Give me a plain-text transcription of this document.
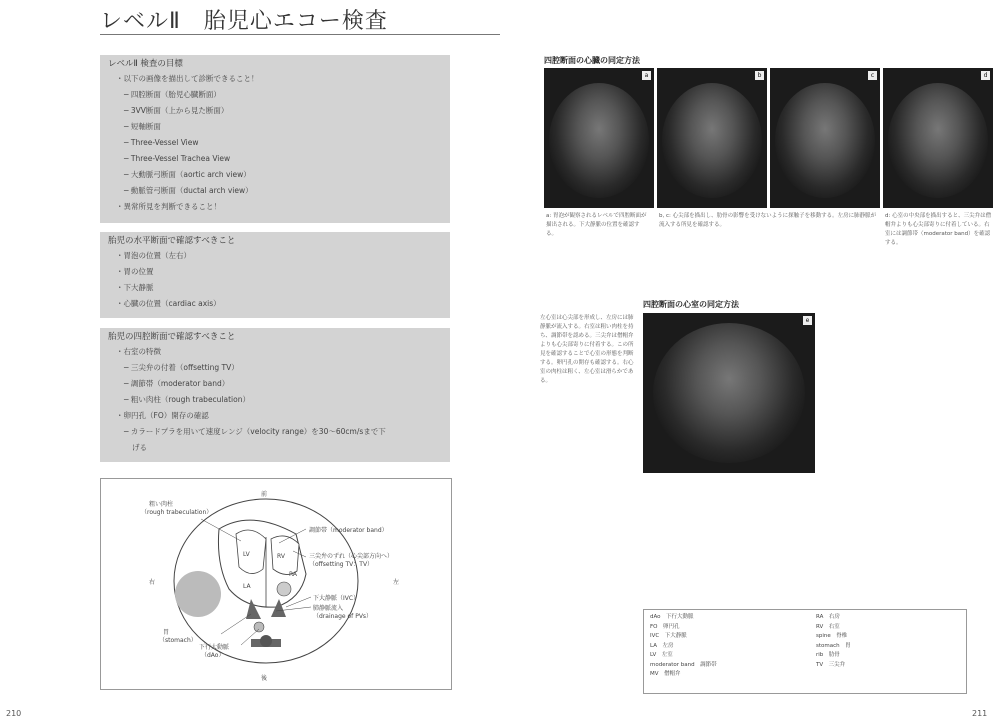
レベルⅡ　胎児心エコー検査
レベルⅡ 検査の目標
・以下の画像を描出して診断できること！
─ 四腔断面（胎児心臓断面）
─ 3VV断面（上から見た断面）
─ 短軸断面
─ Three-Vessel View
─ Three-Vessel Trachea View
─ 大動脈弓断面（aortic arch view）
─ 動脈管弓断面（ductal arch view）
・異常所見を判断できること！
胎児の水平断面で確認すべきこと
・胃泡の位置（左右）
・胃の位置
・下大静脈
・心臓の位置（cardiac axis）
胎児の四腔断面で確認すべきこと
・右室の特徴
─ 三尖弁の付着（offsetting TV）
─ 調節帯（moderator band）
─ 粗い肉柱（rough trabeculation）
・卵円孔（FO）開存の確認
─ カラードプラを用いて速度レンジ（velocity range）を30～60cm/sまで下
げる
前
後
右	左
粗い肉柱
（rough trabeculation）
調節帯（moderator band）
三尖弁のずれ（心尖部方向へ）
（offsetting TV：TV）
下大静脈（IVC）
肺静脈流入
（drainage of PVs）
胃
（stomach）
下行大動脈
（dAo）
LV	RV
LA
RA
210
四腔断面の心臓の同定方法
a	b	c	d
a: 胃泡が観察されるレベルで四腔断面が描出される。下大静脈の位置を確認する。
b, c: 心尖部を描出し、肋骨の影響を受けないように探触子を移動する。左房に肺静脈が流入する所見を確認する。
d: 心室の中央部を描出すると、三尖弁は僧帽弁よりも心尖部寄りに付着している。右室には調節帯（moderator band）を確認する。
四腔断面の心室の同定方法
左心室は心尖部を形成し、左房には肺静脈が流入する。右室は粗い肉柱を持ち、調節帯を認める。三尖弁は僧帽弁よりも心尖部寄りに付着する。この所見を確認することで心室の形態を判断する。卵円孔の開存も確認する。右心室の肉柱は粗く、左心室は滑らかである。
e
dAo　下行大動脈
FO　卵円孔
IVC　下大静脈
LA　左房
LV　左室
moderator band　調節帯
MV　僧帽弁
RA　右房
RV　右室
spine　脊椎
stomach　胃
rib　肋骨
TV　三尖弁
211
